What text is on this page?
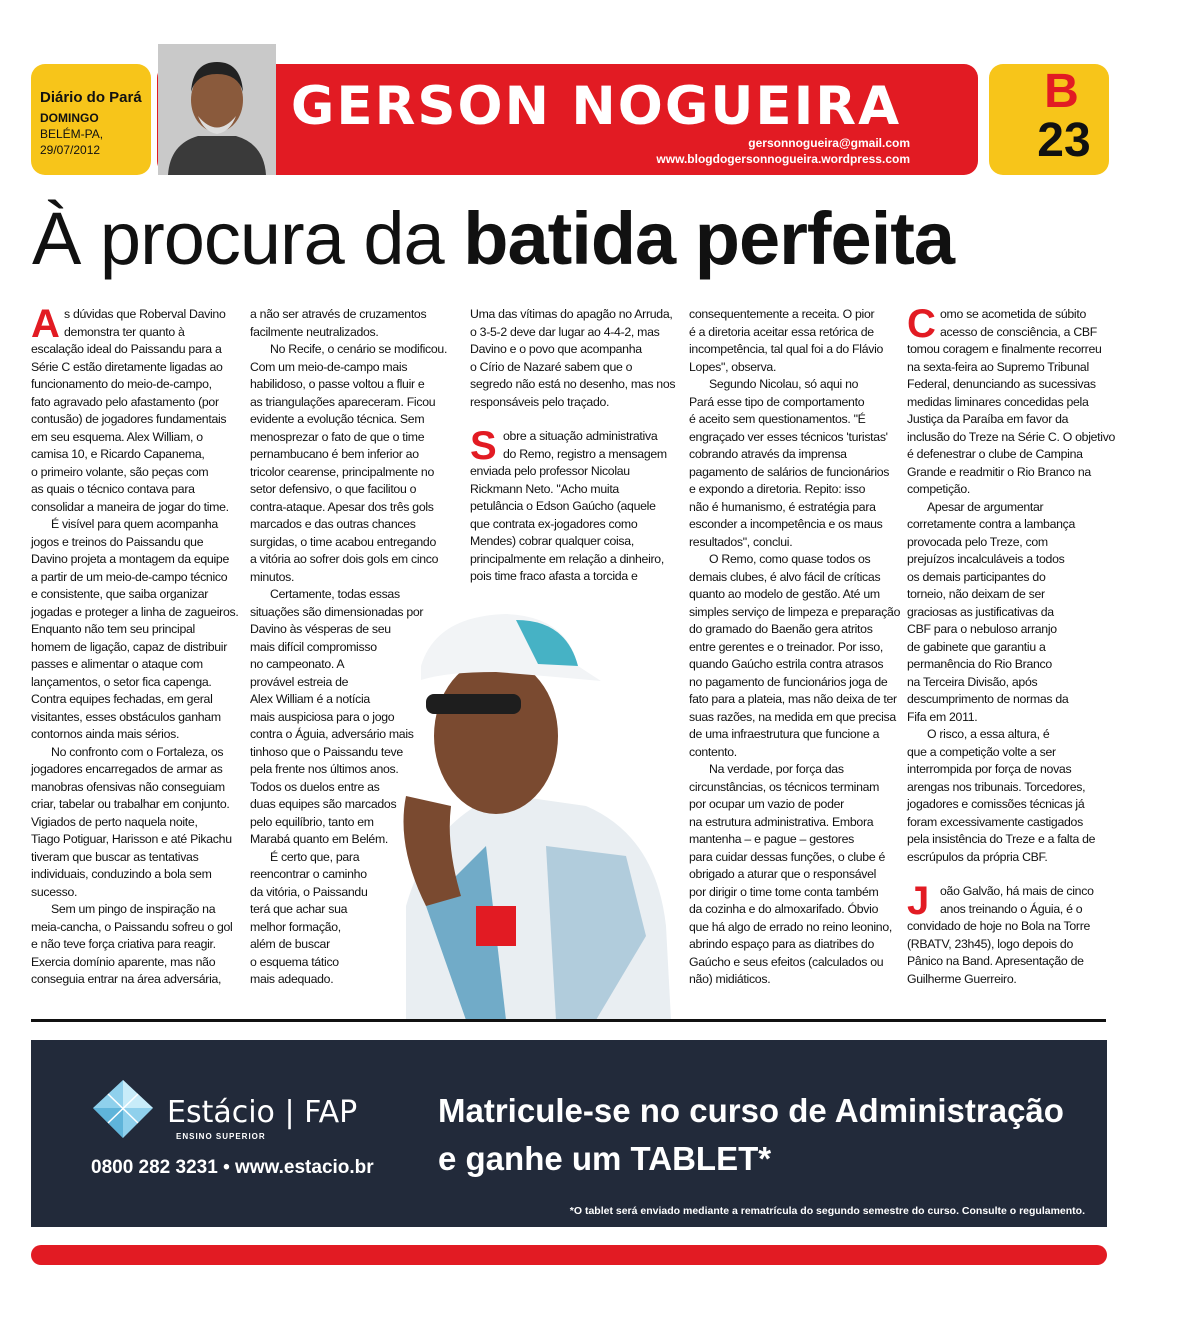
Diário do Pará
DOMINGO
BELÉM-PA,
29/07/2012
GERSON NOGUEIRA
gersonnogueira@gmail.com
www.blogdogersonnogueira.wordpress.com
B
23
À procura da batida perfeita
A s dúvidas que Roberval Davino

demonstra ter quanto à

escalação ideal do Paissandu para a

Série C estão diretamente ligadas ao

funcionamento do meio-de-campo,

fato agravado pelo afastamento (por

contusão) de jogadores fundamentais

em seu esquema. Alex William, o

camisa 10, e Ricardo Capanema,

o primeiro volante, são peças com

as quais o técnico contava para

consolidar a maneira de jogar do time.

É visível para quem acompanha

jogos e treinos do Paissandu que

Davino projeta a montagem da equipe

a partir de um meio-de-campo técnico

e consistente, que saiba organizar

jogadas e proteger a linha de zagueiros.

Enquanto não tem seu principal

homem de ligação, capaz de distribuir

passes e alimentar o ataque com

lançamentos, o setor fica capenga.

Contra equipes fechadas, em geral

visitantes, esses obstáculos ganham

contornos ainda mais sérios.

No confronto com o Fortaleza, os

jogadores encarregados de armar as

manobras ofensivas não conseguiam

criar, tabelar ou trabalhar em conjunto.

Vigiados de perto naquela noite,

Tiago Potiguar, Harisson e até Pikachu

tiveram que buscar as tentativas

individuais, conduzindo a bola sem

sucesso.

Sem um pingo de inspiração na

meia-cancha, o Paissandu sofreu o gol

e não teve força criativa para reagir.

Exercia domínio aparente, mas não

conseguia entrar na área adversária,

a não ser através de cruzamentos

facilmente neutralizados.

No Recife, o cenário se modificou.

Com um meio-de-campo mais

habilidoso, o passe voltou a fluir e

as triangulações apareceram. Ficou

evidente a evolução técnica. Sem

menosprezar o fato de que o time

pernambucano é bem inferior ao

tricolor cearense, principalmente no

setor defensivo, o que facilitou o

contra-ataque. Apesar dos três gols

marcados e das outras chances

surgidas, o time acabou entregando

a vitória ao sofrer dois gols em cinco

minutos.

Certamente, todas essas

situações são dimensionadas por

Davino às vésperas de seu

mais difícil compromisso

no campeonato. A

provável estreia de

Alex William é a notícia

mais auspiciosa para o jogo

contra o Águia, adversário mais

tinhoso que o Paissandu teve

pela frente nos últimos anos.

Todos os duelos entre as

duas equipes são marcados

pelo equilíbrio, tanto em

Marabá quanto em Belém.

É certo que, para

reencontrar o caminho

da vitória, o Paissandu

terá que achar sua

melhor formação,

além de buscar

o esquema tático

mais adequado.

Uma das vítimas do apagão no Arruda,

o 3-5-2 deve dar lugar ao 4-4-2, mas

Davino e o povo que acompanha

o Círio de Nazaré sabem que o

segredo não está no desenho, mas nos

responsáveis pelo traçado.

S obre a situação administrativa

do Remo, registro a mensagem

enviada pelo professor Nicolau

Rickmann Neto. "Acho muita

petulância o Edson Gaúcho (aquele

que contrata ex-jogadores como

Mendes) cobrar qualquer coisa,

principalmente em relação a dinheiro,

pois time fraco afasta a torcida e

consequentemente a receita. O pior

é a diretoria aceitar essa retórica de

incompetência, tal qual foi a do Flávio

Lopes", observa.

Segundo Nicolau, só aqui no

Pará esse tipo de comportamento

é aceito sem questionamentos. "É

engraçado ver esses técnicos 'turistas'

cobrando através da imprensa

pagamento de salários de funcionários

e expondo a diretoria. Repito: isso

não é humanismo, é estratégia para

esconder a incompetência e os maus

resultados", conclui.

O Remo, como quase todos os

demais clubes, é alvo fácil de críticas

quanto ao modelo de gestão. Até um

simples serviço de limpeza e preparação

do gramado do Baenão gera atritos

entre gerentes e o treinador. Por isso,

quando Gaúcho estrila contra atrasos

no pagamento de funcionários joga de

fato para a plateia, mas não deixa de ter

suas razões, na medida em que precisa

de uma infraestrutura que funcione a

contento.

Na verdade, por força das

circunstâncias, os técnicos terminam

por ocupar um vazio de poder

na estrutura administrativa. Embora

mantenha – e pague – gestores

para cuidar dessas funções, o clube é

obrigado a aturar que o responsável

por dirigir o time tome conta também

da cozinha e do almoxarifado. Óbvio

que há algo de errado no reino leonino,

abrindo espaço para as diatribes do

Gaúcho e seus efeitos (calculados ou

não) midiáticos.

C omo se acometida de súbito

acesso de consciência, a CBF

tomou coragem e finalmente recorreu

na sexta-feira ao Supremo Tribunal

Federal, denunciando as sucessivas

medidas liminares concedidas pela

Justiça da Paraíba em favor da

inclusão do Treze na Série C. O objetivo

é defenestrar o clube de Campina

Grande e readmitir o Rio Branco na

competição.

Apesar de argumentar

corretamente contra a lambança

provocada pelo Treze, com

prejuízos incalculáveis a todos

os demais participantes do

torneio, não deixam de ser

graciosas as justificativas da

CBF para o nebuloso arranjo

de gabinete que garantiu a

permanência do Rio Branco

na Terceira Divisão, após

descumprimento de normas da

Fifa em 2011.

O risco, a essa altura, é

que a competição volte a ser

interrompida por força de novas

arengas nos tribunais. Torcedores,

jogadores e comissões técnicas já

foram excessivamente castigados

pela insistência do Treze e a falta de

escrúpulos da própria CBF.

J oão Galvão, há mais de cinco

anos treinando o Águia, é o

convidado de hoje no Bola na Torre

(RBATV, 23h45), logo depois do

Pânico na Band. Apresentação de

Guilherme Guerreiro.

Estácio | FAP
ENSINO SUPERIOR
0800 282 3231 • www.estacio.br
Matricule-se no curso de Administração
e ganhe um TABLET*
*O tablet será enviado mediante a rematrícula do segundo semestre do curso. Consulte o regulamento.
